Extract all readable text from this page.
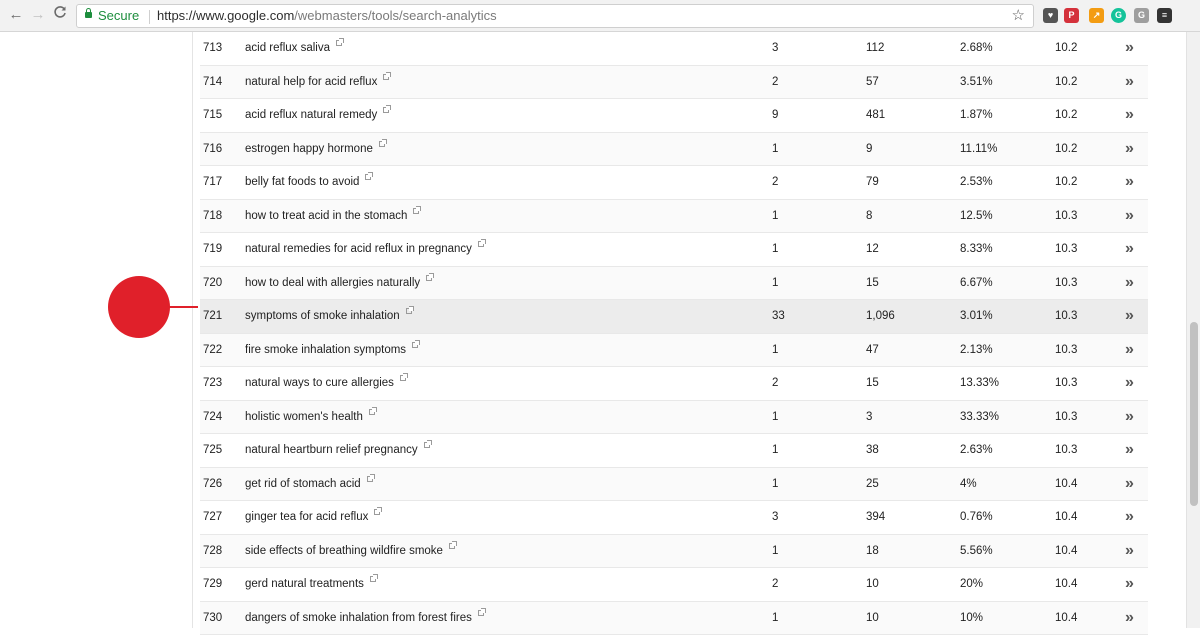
← →	Secure https://www.google.com/webmasters/tools/search-analytics	☆	♥	P	↗	G	G	≡
713 acid reflux saliva	3	112	2.68%	10.2	»
714 natural help for acid reflux	2	57	3.51%	10.2	»
715 acid reflux natural remedy	9	481	1.87%	10.2	»
716 estrogen happy hormone	1	9	11.11%	10.2	»
717 belly fat foods to avoid	2	79	2.53%	10.2	»
718 how to treat acid in the stomach	1	8	12.5%	10.3	»
719 natural remedies for acid reflux in pregnancy	1	12	8.33%	10.3	»
720 how to deal with allergies naturally	1	15	6.67%	10.3	»
721 symptoms of smoke inhalation	33	1,096	3.01%	10.3	»
722 fire smoke inhalation symptoms	1	47	2.13%	10.3	»
723 natural ways to cure allergies	2	15	13.33%	10.3	»
724 holistic women's health	1	3	33.33%	10.3	»
725 natural heartburn relief pregnancy	1	38	2.63%	10.3	»
726 get rid of stomach acid	1	25	4%	10.4	»
727 ginger tea for acid reflux	3	394	0.76%	10.4	»
728 side effects of breathing wildfire smoke	1	18	5.56%	10.4	»
729 gerd natural treatments	2	10	20%	10.4	»
730 dangers of smoke inhalation from forest fires	1	10	10%	10.4	»
